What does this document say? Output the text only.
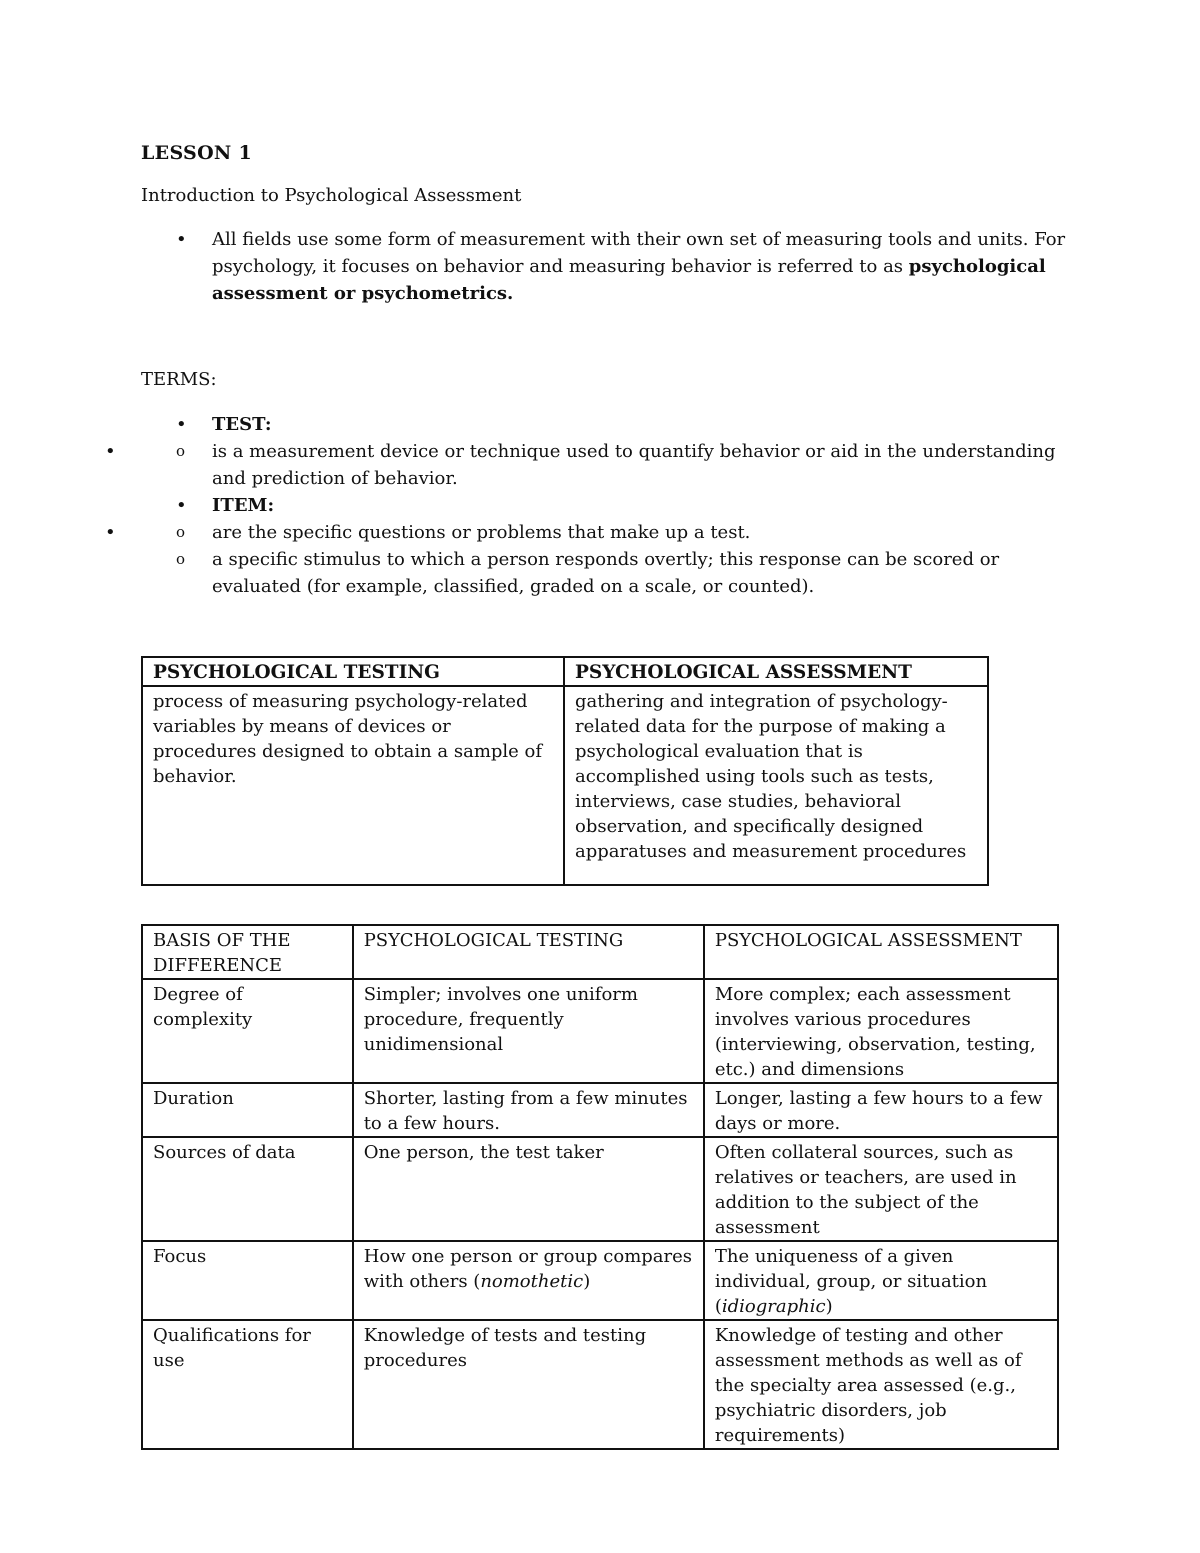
LESSON 1

Introduction to Psychological Assessment

• All fields use some form of measurement with their own set of measuring tools and units. For psychology, it focuses on behavior and measuring behavior is referred to as psychological assessment or psychometrics.

TERMS:

• TEST:
• o is a measurement device or technique used to quantify behavior or aid in the understanding and prediction of behavior.
• ITEM:
• o are the specific questions or problems that make up a test.
o a specific stimulus to which a person responds overtly; this response can be scored or evaluated (for example, classified, graded on a scale, or counted).
PSYCHOLOGICAL TESTING	PSYCHOLOGICAL ASSESSMENT
process of measuring psychology-related variables by means of devices or procedures designed to obtain a sample of behavior.	gathering and integration of psychology-related data for the purpose of making a psychological evaluation that is accomplished using tools such as tests, interviews, case studies, behavioral observation, and specifically designed apparatuses and measurement procedures
BASIS OF THE DIFFERENCE	PSYCHOLOGICAL TESTING	PSYCHOLOGICAL ASSESSMENT
Degree of complexity	Simpler; involves one uniform procedure, frequently unidimensional	More complex; each assessment involves various procedures (interviewing, observation, testing, etc.) and dimensions
Duration	Shorter, lasting from a few minutes to a few hours.	Longer, lasting a few hours to a few days or more.
Sources of data	One person, the test taker	Often collateral sources, such as relatives or teachers, are used in addition to the subject of the assessment
Focus	How one person or group compares with others (nomothetic)	The uniqueness of a given individual, group, or situation (idiographic)
Qualifications for use	Knowledge of tests and testing procedures	Knowledge of testing and other assessment methods as well as of the specialty area assessed (e.g., psychiatric disorders, job requirements)
